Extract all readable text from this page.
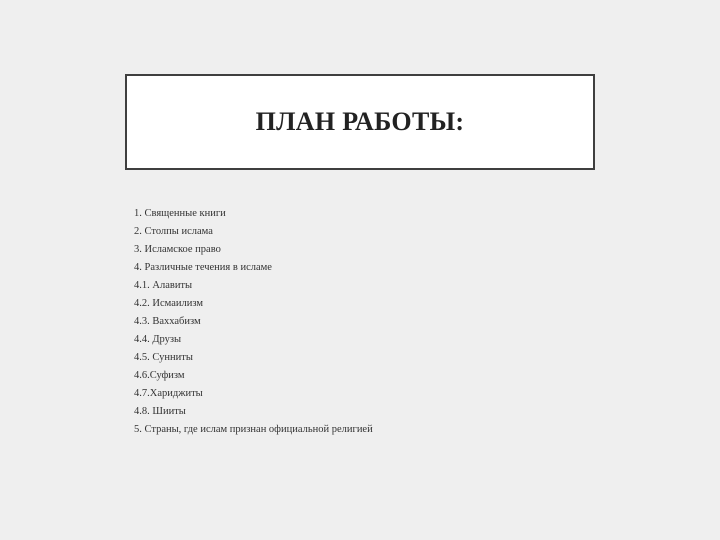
ПЛАН РАБОТЫ:
1. Священные книги
2. Столпы ислама
3. Исламское право
4. Различные течения в исламе
4.1. Алавиты
4.2. Исмаилизм
4.3. Ваххабизм
4.4. Друзы
4.5. Сунниты
4.6.Суфизм
4.7.Хариджиты
4.8. Шииты
5. Страны, где ислам признан официальной религией
